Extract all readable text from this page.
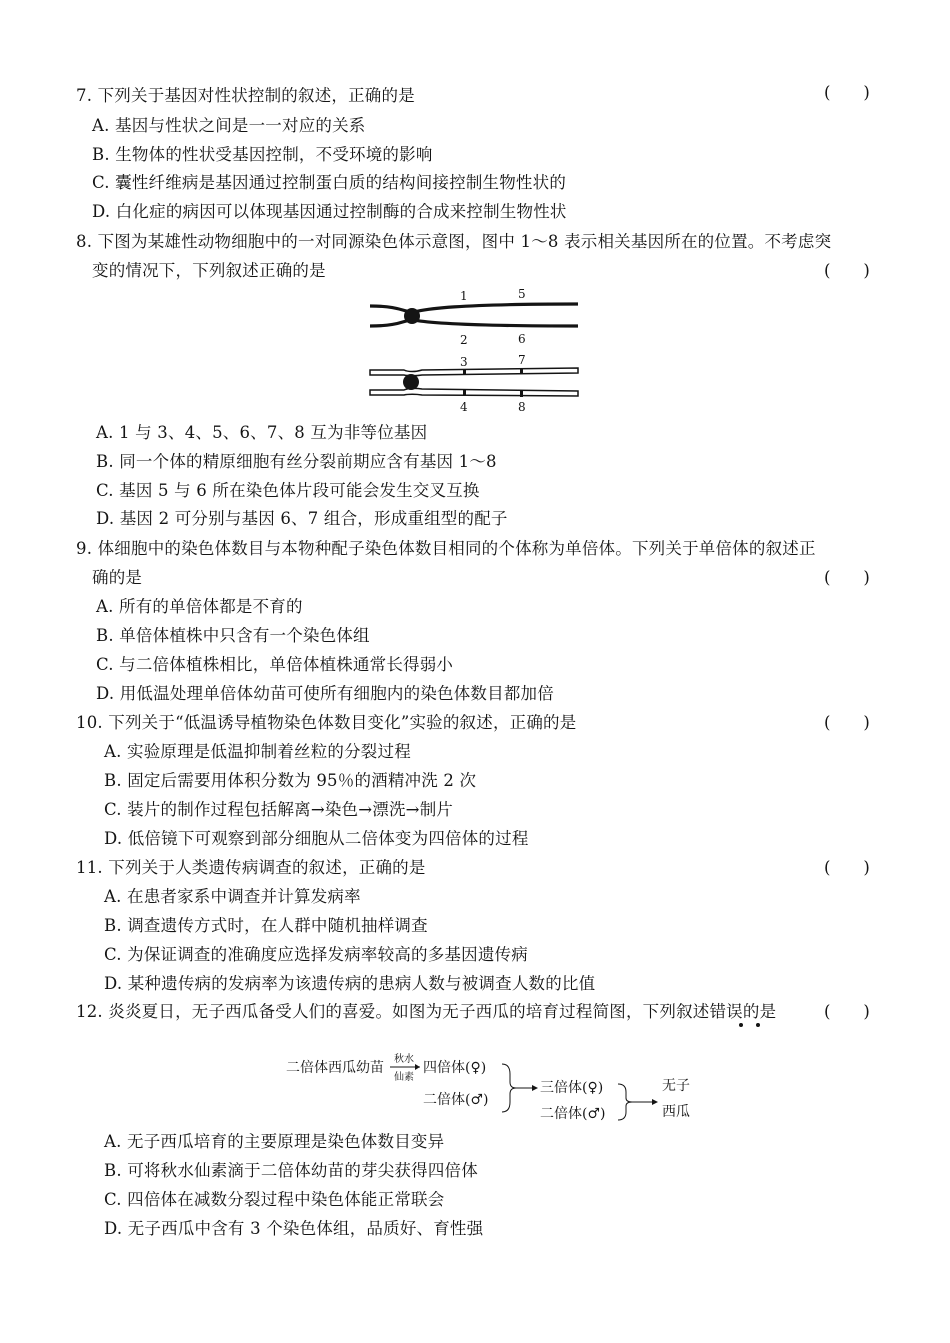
7. 下列关于基因对性状控制的叙述，正确的是	(　　)
A. 基因与性状之间是一一对应的关系
B. 生物体的性状受基因控制，不受环境的影响
C. 囊性纤维病是基因通过控制蛋白质的结构间接控制生物性状的
D. 白化症的病因可以体现基因通过控制酶的合成来控制生物性状
8. 下图为某雄性动物细胞中的一对同源染色体示意图，图中 1～8 表示相关基因所在的位置。不考虑突
变的情况下，下列叙述正确的是	(　　)
1	5
2	6
3	7
4	8
A. 1 与 3、4、5、6、7、8 互为非等位基因
B. 同一个体的精原细胞有丝分裂前期应含有基因 1～8
C. 基因 5 与 6 所在染色体片段可能会发生交叉互换
D. 基因 2 可分别与基因 6、7 组合，形成重组型的配子
9. 体细胞中的染色体数目与本物种配子染色体数目相同的个体称为单倍体。下列关于单倍体的叙述正
确的是	(　　)
A. 所有的单倍体都是不育的
B. 单倍体植株中只含有一个染色体组
C. 与二倍体植株相比，单倍体植株通常长得弱小
D. 用低温处理单倍体幼苗可使所有细胞内的染色体数目都加倍
10. 下列关于“低温诱导植物染色体数目变化”实验的叙述，正确的是	(　　)
A. 实验原理是低温抑制着丝粒的分裂过程
B. 固定后需要用体积分数为 95％的酒精冲洗 2 次
C. 装片的制作过程包括解离→染色→漂洗→制片
D. 低倍镜下可观察到部分细胞从二倍体变为四倍体的过程
11. 下列关于人类遗传病调查的叙述，正确的是	(　　)
A. 在患者家系中调查并计算发病率
B. 调查遗传方式时，在人群中随机抽样调查
C. 为保证调查的准确度应选择发病率较高的多基因遗传病
D. 某种遗传病的发病率为该遗传病的患病人数与被调查人数的比值
12. 炎炎夏日，无子西瓜备受人们的喜爱。如图为无子西瓜的培育过程简图，下列叙述错误的是	(　　)
二倍体西瓜幼苗
秋水
仙素
四倍体(♀)
二倍体(♂)
三倍体(♀)
二倍体(♂)
无子
西瓜
A. 无子西瓜培育的主要原理是染色体数目变异
B. 可将秋水仙素滴于二倍体幼苗的芽尖获得四倍体
C. 四倍体在减数分裂过程中染色体能正常联会
D. 无子西瓜中含有 3 个染色体组，品质好、育性强
